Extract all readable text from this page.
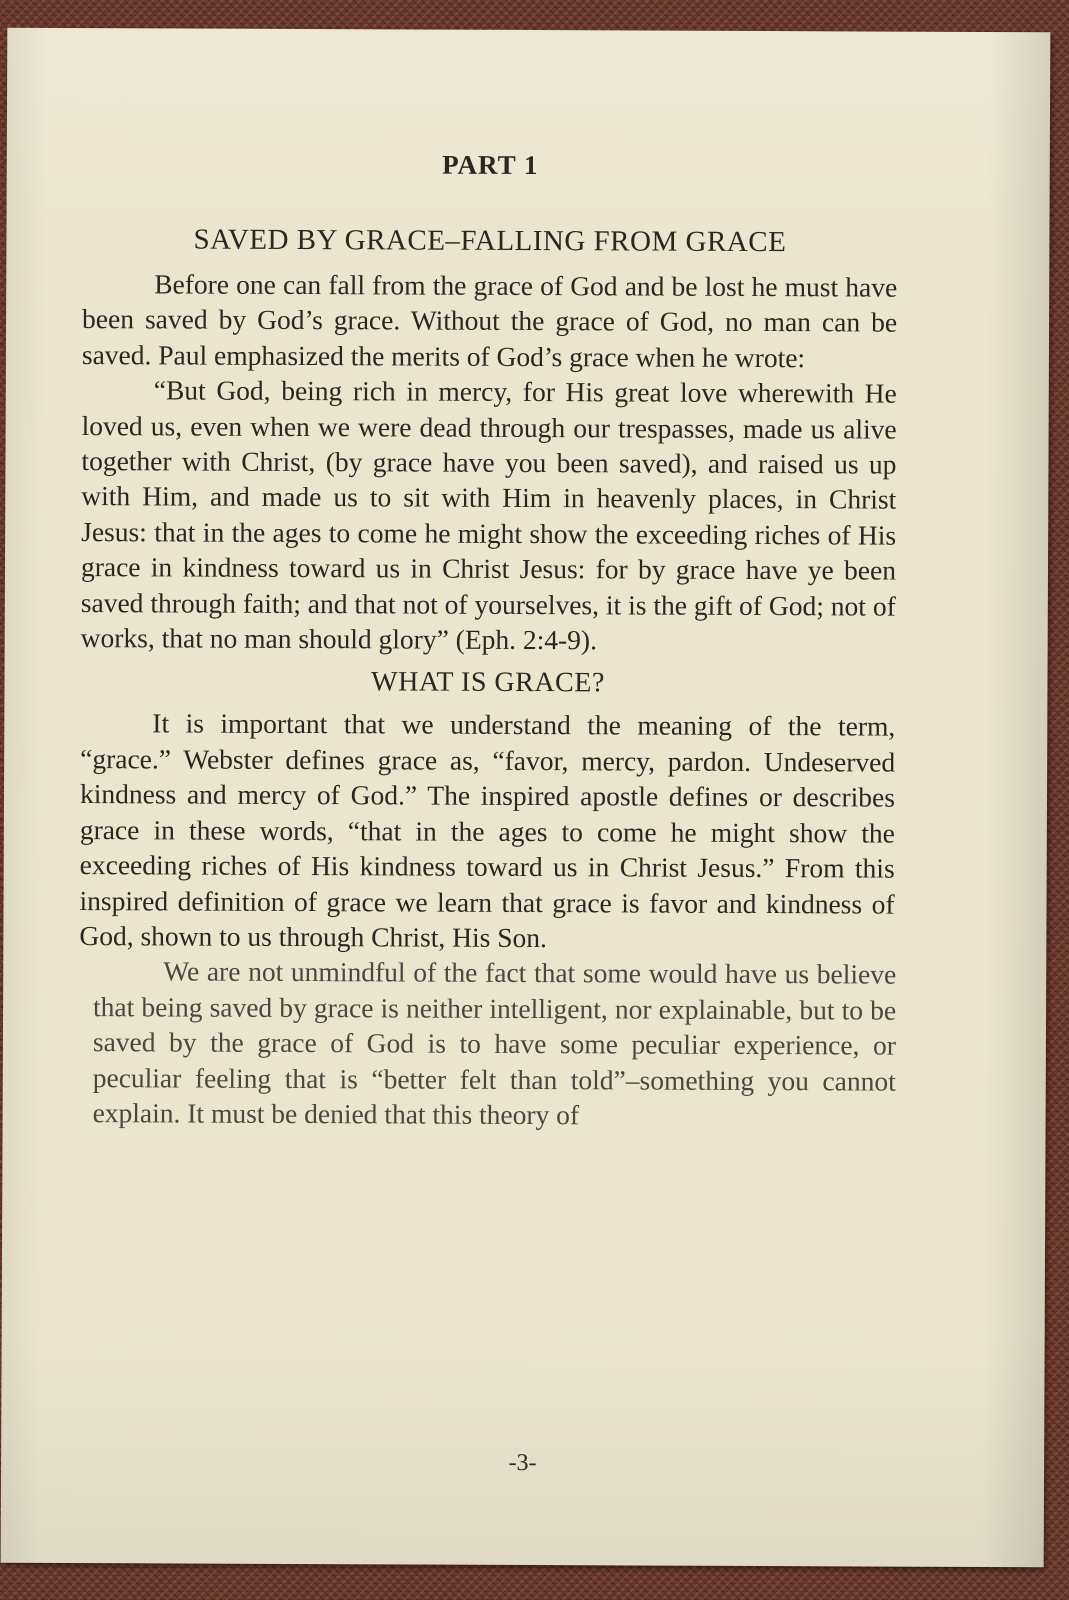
PART 1
SAVED BY GRACE–FALLING FROM GRACE

Before one can fall from the grace of God and be lost he must have been saved by God’s grace. Without the grace of God, no man can be saved. Paul emphasized the merits of God’s grace when he wrote:

“But God, being rich in mercy, for His great love wherewith He loved us, even when we were dead through our trespasses, made us alive together with Christ, (by grace have you been saved), and raised us up with Him, and made us to sit with Him in heavenly places, in Christ Jesus: that in the ages to come he might show the exceeding riches of His grace in kindness toward us in Christ Jesus: for by grace have ye been saved through faith; and that not of yourselves, it is the gift of God; not of works, that no man should glory” (Eph. 2:4-9).

WHAT IS GRACE?

It is important that we understand the meaning of the term, “grace.” Webster defines grace as, “favor, mercy, pardon. Undeserved kindness and mercy of God.” The inspired apostle defines or describes grace in these words, “that in the ages to come he might show the exceeding riches of His kindness toward us in Christ Jesus.” From this inspired definition of grace we learn that grace is favor and kindness of God, shown to us through Christ, His Son.

We are not unmindful of the fact that some would have us believe that being saved by grace is neither intelligent, nor explainable, but to be saved by the grace of God is to have some peculiar experience, or peculiar feeling that is “better felt than told”–something you cannot explain. It must be denied that this theory of

-3-
